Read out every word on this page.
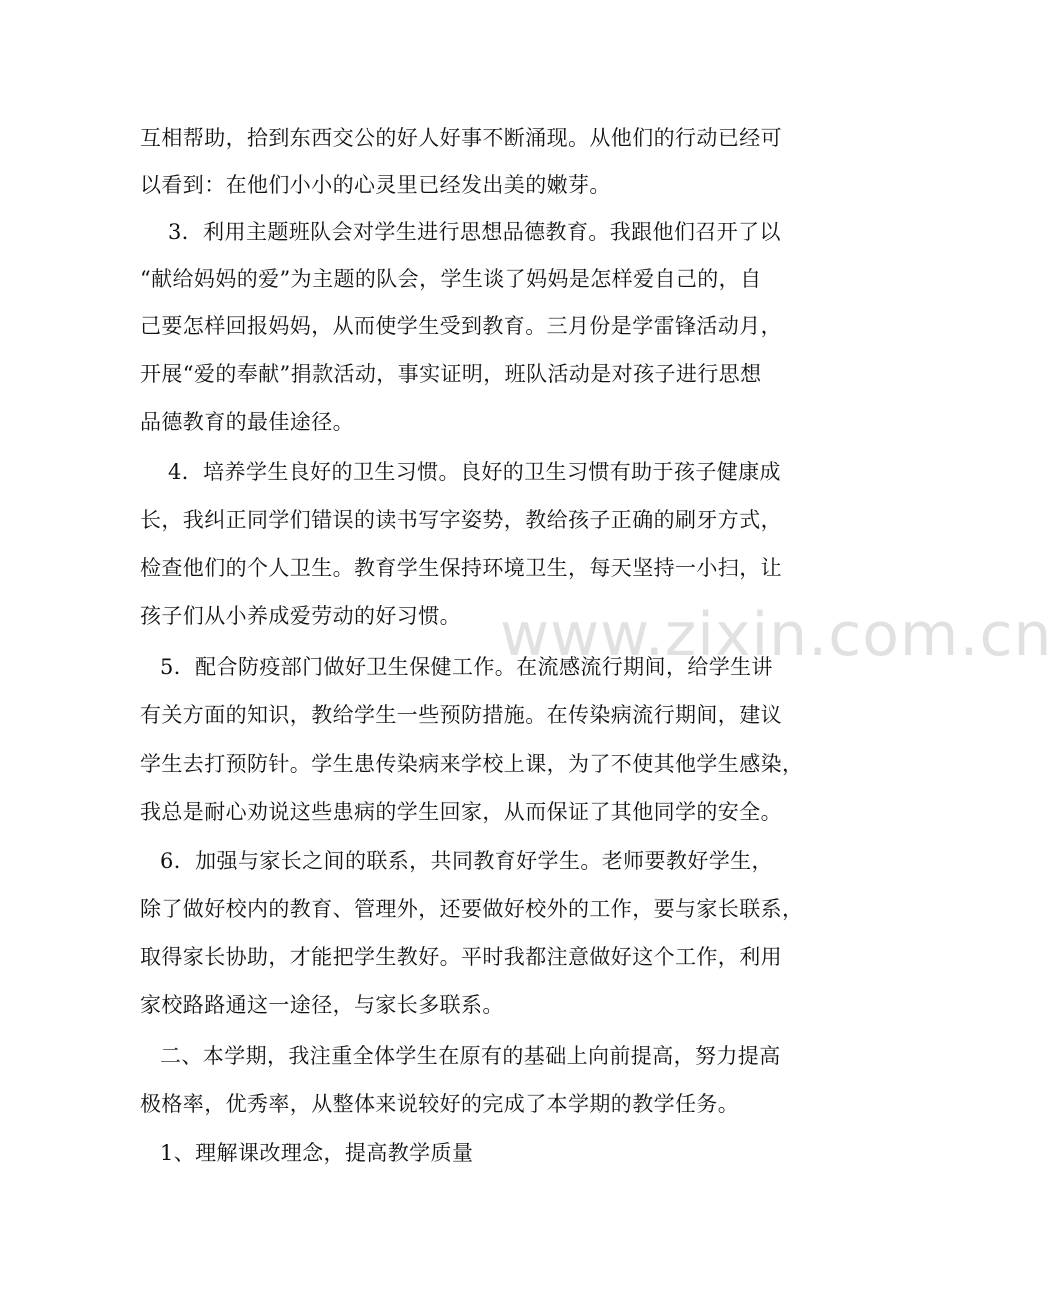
互相帮助，拾到东西交公的好人好事不断涌现。从他们的行动已经可
以看到：在他们小小的心灵里已经发出美的嫩芽。
3．利用主题班队会对学生进行思想品德教育。我跟他们召开了以
“献给妈妈的爱”为主题的队会，学生谈了妈妈是怎样爱自己的，自
己要怎样回报妈妈，从而使学生受到教育。三月份是学雷锋活动月，
开展“爱的奉献”捐款活动，事实证明，班队活动是对孩子进行思想
品德教育的最佳途径。
4．培养学生良好的卫生习惯。良好的卫生习惯有助于孩子健康成
长，我纠正同学们错误的读书写字姿势，教给孩子正确的刷牙方式，
检查他们的个人卫生。教育学生保持环境卫生，每天坚持一小扫，让
孩子们从小养成爱劳动的好习惯。
5．配合防疫部门做好卫生保健工作。在流感流行期间，给学生讲
有关方面的知识，教给学生一些预防措施。在传染病流行期间，建议
学生去打预防针。学生患传染病来学校上课，为了不使其他学生感染，
我总是耐心劝说这些患病的学生回家，从而保证了其他同学的安全。
6．加强与家长之间的联系，共同教育好学生。老师要教好学生，
除了做好校内的教育、管理外，还要做好校外的工作，要与家长联系，
取得家长协助，才能把学生教好。平时我都注意做好这个工作，利用
家校路路通这一途径，与家长多联系。
二、本学期，我注重全体学生在原有的基础上向前提高，努力提高
极格率，优秀率，从整体来说较好的完成了本学期的教学任务。
1、理解课改理念，提高教学质量
www.zixin.com.cn
